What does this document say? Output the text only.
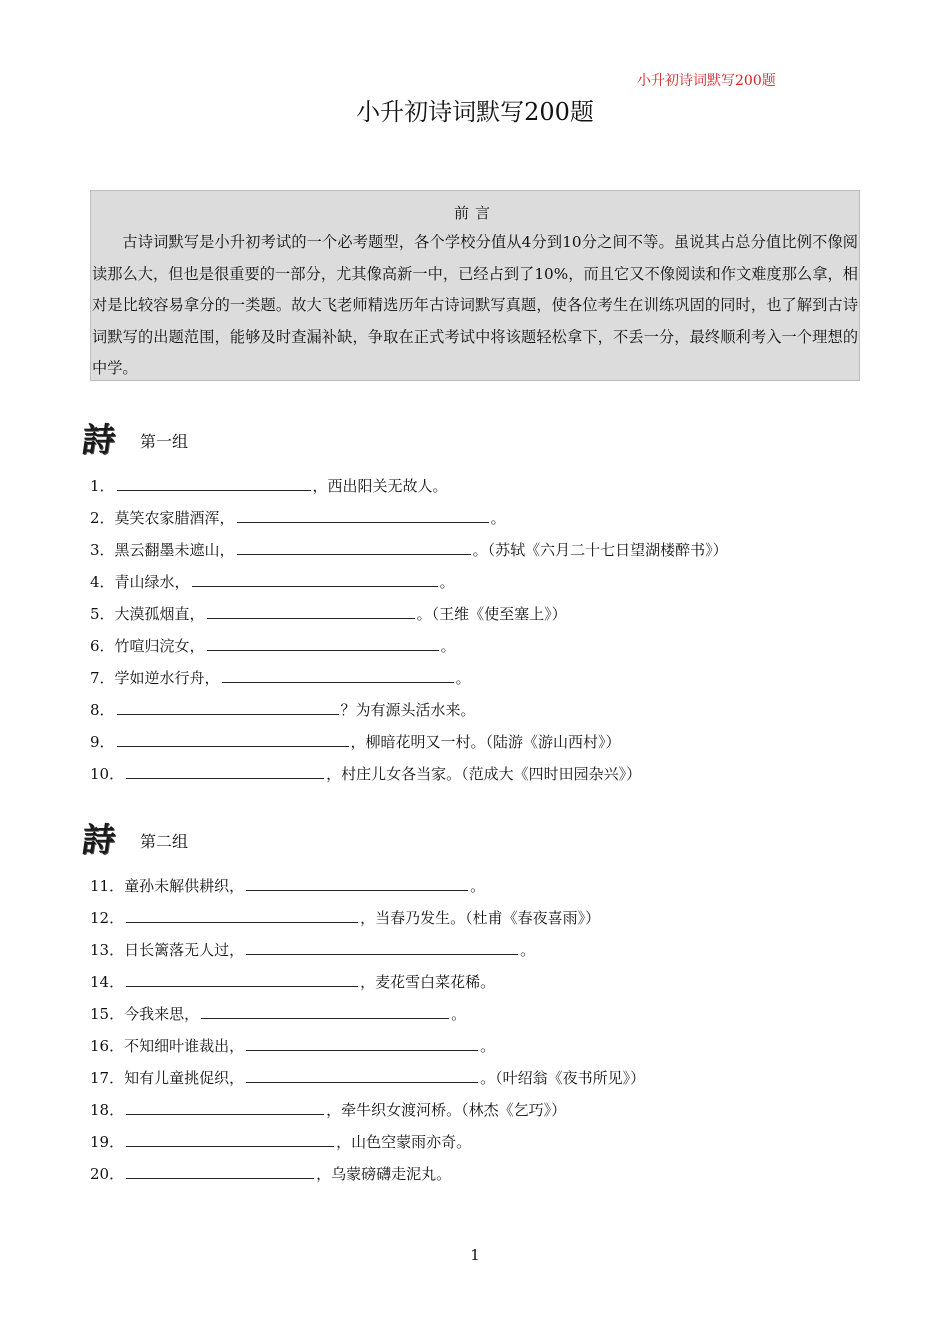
小升初诗词默写200题
小升初诗词默写200题
前言

古诗词默写是小升初考试的一个必考题型，各个学校分值从4分到10分之间不等。虽说其占总分值比例不像阅读那么大，但也是很重要的一部分，尤其像高新一中，已经占到了10%，而且它又不像阅读和作文难度那么拿，相对是比较容易拿分的一类题。故大飞老师精选历年古诗词默写真题，使各位考生在训练巩固的同时，也了解到古诗词默写的出题范围，能够及时查漏补缺，争取在正式考试中将该题轻松拿下，不丢一分，最终顺利考入一个理想的中学。

詩 第一组
1．	，西出阳关无故人。
2．莫笑农家腊酒浑，	。
3．黑云翻墨未遮山，	。（苏轼《六月二十七日望湖楼醉书》）
4．青山绿水，	。
5．大漠孤烟直，	。（王维《使至塞上》）
6．竹喧归浣女，	。
7．学如逆水行舟，	。
8．	？为有源头活水来。
9．	，柳暗花明又一村。（陆游《游山西村》）
10．	，村庄儿女各当家。（范成大《四时田园杂兴》）
詩 第二组
11．童孙未解供耕织，	。
12．	，当春乃发生。（杜甫《春夜喜雨》）
13．日长篱落无人过，	。
14．	，麦花雪白菜花稀。
15．今我来思，	。
16．不知细叶谁裁出，	。
17．知有儿童挑促织，	。（叶绍翁《夜书所见》）
18．	，牵牛织女渡河桥。（林杰《乞巧》）
19．	，山色空蒙雨亦奇。
20．	，乌蒙磅礴走泥丸。
1
